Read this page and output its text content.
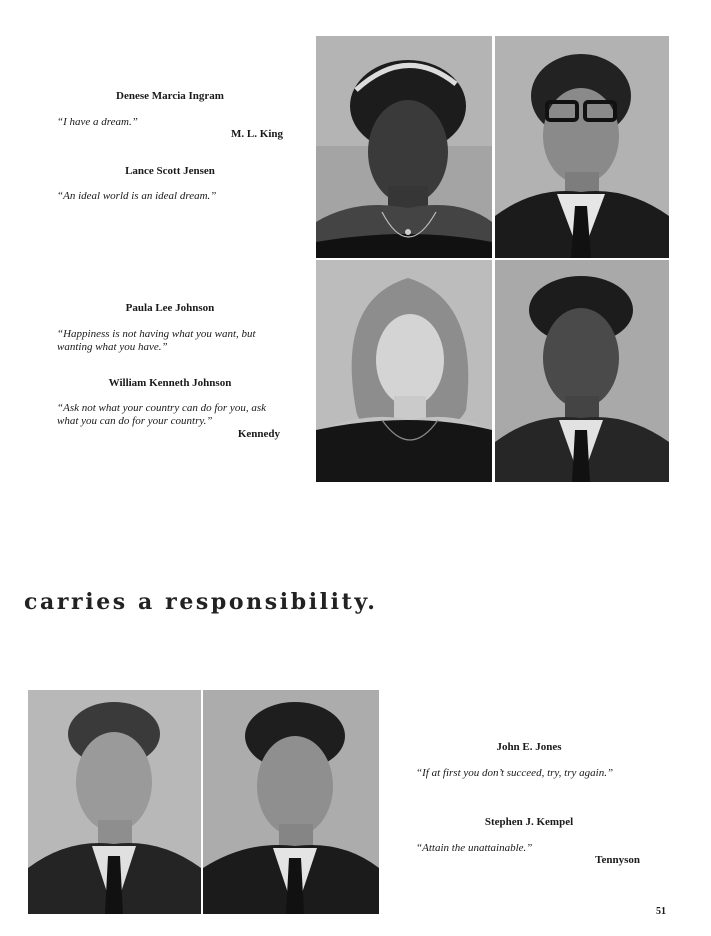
Denese Marcia Ingram
“I have a dream.”
M. L. King
Lance Scott Jensen
“An ideal world is an ideal dream.”
Paula Lee Johnson
“Happiness is not having what you want, but wanting what you have.”
William Kenneth Johnson
“Ask not what your country can do for you, ask what you can do for your country.”
Kennedy
carries a responsibility.
John E. Jones
“If at first you don’t succeed, try, try again.”
Stephen J. Kempel
“Attain the unattainable.”
Tennyson
51
